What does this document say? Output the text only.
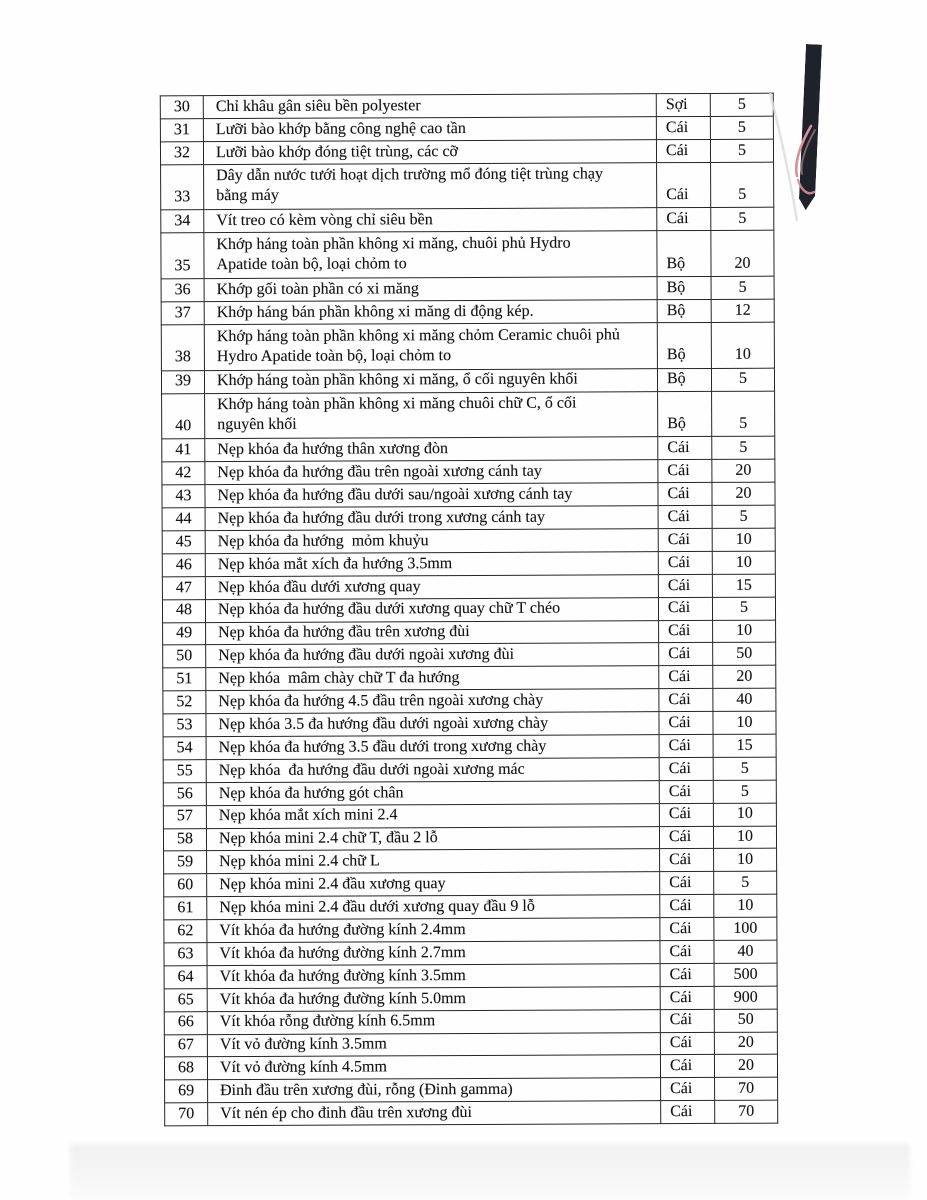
30	Chỉ khâu gân siêu bền polyester	Sợi	5
31	Lưỡi bào khớp bằng công nghệ cao tần	Cái	5
32	Lưỡi bào khớp đóng tiệt trùng, các cỡ	Cái	5
33	Dây dẫn nước tưới hoạt dịch trường mổ đóng tiệt trùng chạy
bằng máy	Cái	5
34	Vít treo có kèm vòng chỉ siêu bền	Cái	5
35	Khớp háng toàn phần không xi măng, chuôi phủ Hydro
Apatide toàn bộ, loại chỏm to	Bộ	20
36	Khớp gối toàn phần có xi măng	Bộ	5
37	Khớp háng bán phần không xi măng di động kép.	Bộ	12
38	Khớp háng toàn phần không xi măng chỏm Ceramic chuôi phủ
Hydro Apatide toàn bộ, loại chỏm to	Bộ	10
39	Khớp háng toàn phần không xi măng, ổ cối nguyên khối	Bộ	5
40	Khớp háng toàn phần không xi măng chuôi chữ C, ổ cối
nguyên khối	Bộ	5
41	Nẹp khóa đa hướng thân xương đòn	Cái	5
42	Nẹp khóa đa hướng đầu trên ngoài xương cánh tay	Cái	20
43	Nẹp khóa đa hướng đầu dưới sau/ngoài xương cánh tay	Cái	20
44	Nẹp khóa đa hướng đầu dưới trong xương cánh tay	Cái	5
45	Nẹp khóa đa hướng  mỏm khuỷu	Cái	10
46	Nẹp khóa mắt xích đa hướng 3.5mm	Cái	10
47	Nẹp khóa đầu dưới xương quay	Cái	15
48	Nẹp khóa đa hướng đầu dưới xương quay chữ T chéo	Cái	5
49	Nẹp khóa đa hướng đầu trên xương đùi	Cái	10
50	Nẹp khóa đa hướng đầu dưới ngoài xương đùi	Cái	50
51	Nẹp khóa  mâm chày chữ T đa hướng	Cái	20
52	Nẹp khóa đa hướng 4.5 đầu trên ngoài xương chày	Cái	40
53	Nẹp khóa 3.5 đa hướng đầu dưới ngoài xương chày	Cái	10
54	Nẹp khóa đa hướng 3.5 đầu dưới trong xương chày	Cái	15
55	Nẹp khóa  đa hướng đầu dưới ngoài xương mác	Cái	5
56	Nẹp khóa đa hướng gót chân	Cái	5
57	Nẹp khóa mắt xích mini 2.4	Cái	10
58	Nẹp khóa mini 2.4 chữ T, đầu 2 lỗ	Cái	10
59	Nẹp khóa mini 2.4 chữ L	Cái	10
60	Nẹp khóa mini 2.4 đầu xương quay	Cái	5
61	Nẹp khóa mini 2.4 đầu dưới xương quay đầu 9 lỗ	Cái	10
62	Vít khóa đa hướng đường kính 2.4mm	Cái	100
63	Vít khóa đa hướng đường kính 2.7mm	Cái	40
64	Vít khóa đa hướng đường kính 3.5mm	Cái	500
65	Vít khóa đa hướng đường kính 5.0mm	Cái	900
66	Vít khóa rỗng đường kính 6.5mm	Cái	50
67	Vít vỏ đường kính 3.5mm	Cái	20
68	Vít vỏ đường kính 4.5mm	Cái	20
69	Đinh đầu trên xương đùi, rỗng (Đinh gamma)	Cái	70
70	Vít nén ép cho đinh đầu trên xương đùi	Cái	70
